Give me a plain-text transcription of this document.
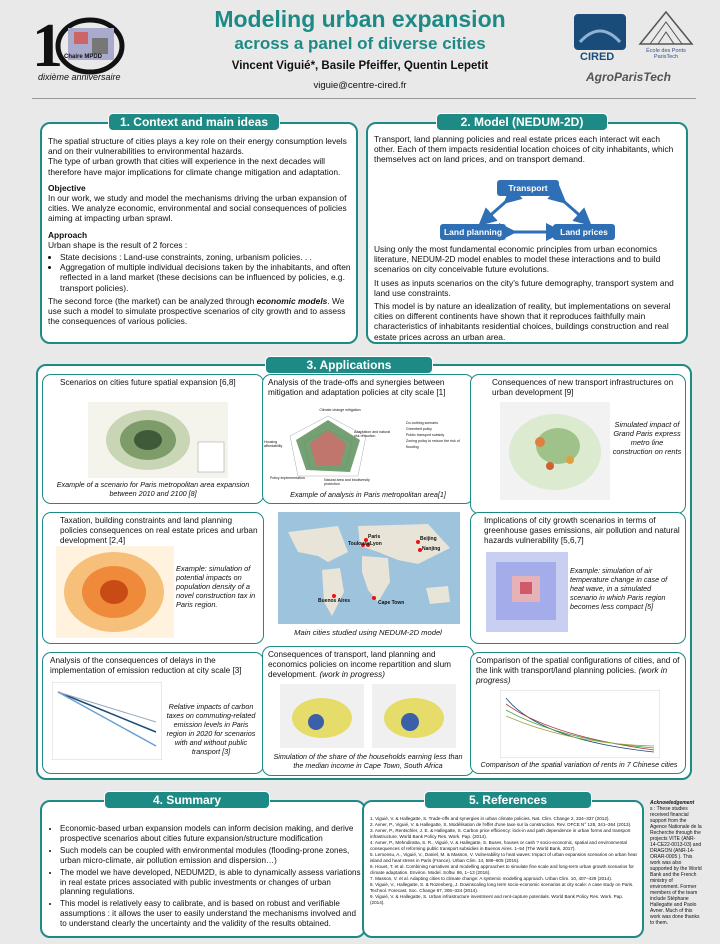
1 Chaire MPDD
dixième anniversaire
Modeling urban expansion
across a panel of diverse cities
Vincent Viguié*, Basile Pfeiffer, Quentin Lepetit
viguie@centre-cired.fr
CIRED	École des Ponts ParisTech
AgroParisTech
1. Context and main ideas

The spatial structure of cities plays a key role on their energy consumption levels and on their vulnerabilities to environmental hazards.

The type of urban growth that cities will experience in the next decades will therefore have major implications for climate change mitigation and adaptation.

Objective

In our work, we study and model the mechanisms driving the urban expansion of cities. We analyze economic, environmental and social consequences of policies aiming at impacting urban sprawl.

Approach

Urban shape is the result of 2 forces :

• State decisions : Land-use constraints, zoning, urbanism policies. . .
• Aggregation of multiple individual decisions taken by the inhabitants, and often reflected in a land market (these decisions can be influenced by policies, e.g. transport policies).

The second force (the market) can be analyzed through economic models. We use such a model to simulate prospective scenarios of city growth and to assess the consequences of various policies.

2. Model (NEDUM-2D)
Transport, land planning policies and real estate prices each interact wit each other. Each of them impacts residential location choices of city inhabitants, which themselves act on land prices, and on transport demand.
Transport
Land planning	Land prices

Using only the most fundamental economic principles from urban economics literature, NEDUM-2D model enables to model these interactions and to build scenarios on city conceivable future evolutions.

It uses as inputs scenarios on the city's future demography, transport system and land use constraints.

This model is by nature an idealization of reality, but implementations on several cities on different continents have shown that it reproduces faithfully main characteristics of inhabitants residential choices, buildings construction and real estate prices across an urban area.

3. Applications
Scenarios on cities future spatial expansion [6,8]
Example of a scenario for Paris metropolitan area expansion between 2010 and 2100 [8]
Analysis of the trade-offs and synergies between mitigation and adaptation policies at city scale [1]
Do-nothing scenario
Greenbelt policy
Public transport subsidy
Zoning policy to reduce the risk of flooding
Climate change mitigation
Adaptation and natural risk reduction
Natural area and biodiversity protection
Policy implementation
Housing affordability
Example of analysis in Paris metropolitan area[1]
Consequences of new transport infrastructures on urban development [9]
Simulated impact of Grand Paris express metro line construction on rents
Taxation, building constraints and land planning policies consequences on real estate prices and urban development [2,4]
Example: simulation of potential impacts on population density of a novel construction tax in Paris region.
Paris
Toulouse Lyon
Beijing
Nanjing
Buenos Aires	Cape Town
Main cities studied using NEDUM-2D model
Implications of city growth scenarios in terms of greenhouse gases emissions, air pollution and natural hazards vulnerability [5,6,7]
Example: simulation of air temperature change in case of heat wave, in a simulated scenario in which Paris region becomes less compact [5]
Analysis of the consequences of delays in the implementation of emission reduction at city scale [3]
Relative impacts of carbon taxes on commuting-related emission levels in Paris region in 2020 for scenarios with and without public transport [3]
Consequences of transport, land planning and economics policies on income repartition and slum development. (work in progress)
Simulation of the share of the households earning less than the median income in Cape Town, South Africa
Comparison of the spatial configurations of cities, and of the link with transport/land planning policies. (work in progress)
Comparison of the spatial variation of rents in 7 Chinese cities
4. Summary
• Economic-based urban expansion models can inform decision making, and derive prospective scenarios about cities future expansion/structure modification
• Such models can be coupled with environmental modules (flooding-prone zones, urban micro-climate, air pollution emission and dispersion…)
• The model we have developed, NEDUM2D, is able to dynamically assess variations in real estate prices associated with public investments or changes of urban planning regulations.
• This model is relatively easy to calibrate, and is based on robust and verifiable assumptions : it allows the user to easily understand the mechanisms involved and to understand clearly the uncertainty and the validity of the results obtained.
5. References

1. Viguié, V. & Hallegatte, S. Trade-offs and synergies in urban climate policies. Nat. Clim. Change 2, 334–337 (2012).

2. Avner, P., Viguié, V. & Hallegatte, S. Modélisation de l'effet d'une taxe sur la construction. Rev. OFCE N° 128, 341–364 (2013).

3. Avner, P., Rentschler, J. E. & Hallegatte, S. Carbon price efficiency: lock-in and path dependence in urban forms and transport infrastructure. World Bank Policy Res. Work. Pap. (2014).

4. Avner, P., Mehndiratta, S. R., Viguié, V. & Hallegatte, S. Buses, houses or cash ? socio-economic, spatial and environmental consequences of reforming public transport subsidies in Buenos Aires. 1–54 (The World Bank, 2017).

5. Lemonsu, A., Viguié, V., Daniel, M. & Masson, V. Vulnerability to heat waves: Impact of urban expansion scenarios on urban heat island and heat stress in Paris (France). Urban Clim. 14, 586–605 (2015).

6. Houet, T. et al. Combining narratives and modelling approaches to simulate fine scale and long-term urban growth scenarios for climate adaptation. Environ. Model. Softw. 86, 1–13 (2016).

7. Masson, V. et al. Adapting cities to climate change: A systemic modelling approach. Urban Clim. 10, 407–429 (2014).

8. Viguié, V., Hallegatte, S. & Rozenberg, J. Downscaling long term socio-economic scenarios at city scale: A case study on Paris. Technol. Forecast. Soc. Change 87, 305–324 (2014).

9. Viguié, V. & Hallegatte, S. Urban infrastructure investment and rent-capture potentials. World Bank Policy Res. Work. Pap. (2014).

Acknowledgement
s : These studies received financial support from the Agence Nationale de la Recherche through the projects VITE (ANR-14-CE22-0013-03) and DRAGON (ANR-14-ORAR-0005 ). This work was also supported by the World Bank and the French ministry of environment. Former members of the team include Stéphane Hallegatte and Paolo Avner. Much of this work was done thanks to them.
